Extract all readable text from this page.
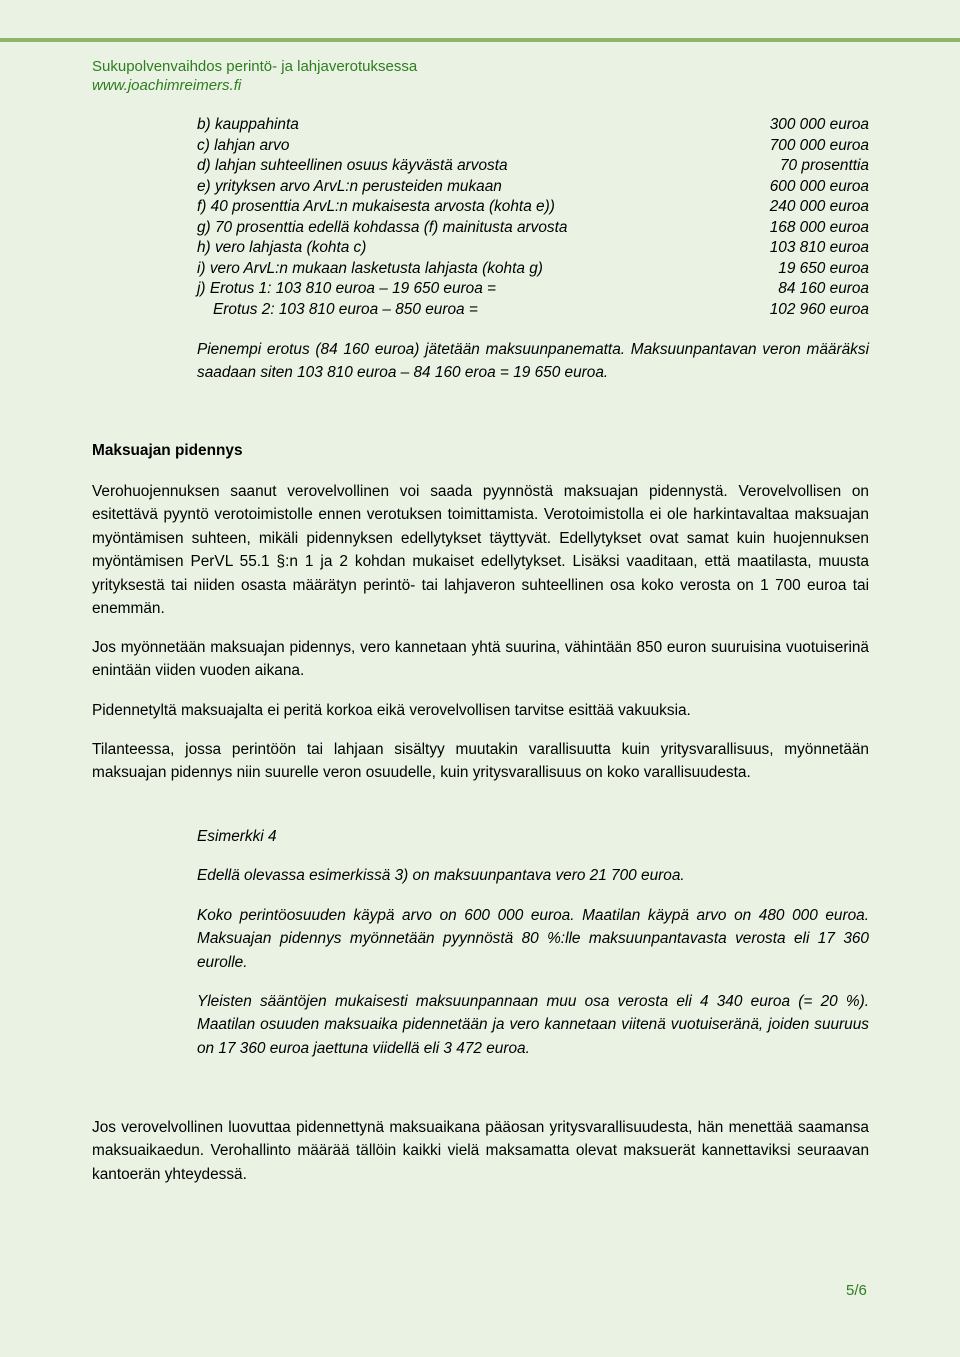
Sukupolvenvaihdos perintö- ja lahjaverotuksessa
www.joachimreimers.fi
b) kauppahinta	300 000 euroa
c) lahjan arvo	700 000 euroa
d) lahjan suhteellinen osuus käyvästä arvosta	70 prosenttia
e) yrityksen arvo ArvL:n perusteiden mukaan	600 000 euroa
f) 40 prosenttia ArvL:n mukaisesta arvosta (kohta e))	240 000 euroa
g) 70 prosenttia edellä kohdassa (f) mainitusta arvosta	168 000 euroa
h) vero lahjasta (kohta c)	103 810 euroa
i) vero ArvL:n mukaan lasketusta lahjasta (kohta g)	19 650 euroa
j) Erotus 1: 103 810 euroa – 19 650 euroa =	84 160 euroa
Erotus 2: 103 810 euroa – 850 euroa =	102 960 euroa

Pienempi erotus (84 160 euroa) jätetään maksuunpanematta. Maksuunpantavan veron määräksi saadaan siten 103 810 euroa – 84 160 eroa = 19 650 euroa.

Maksuajan pidennys

Verohuojennuksen saanut verovelvollinen voi saada pyynnöstä maksuajan pidennystä. Verovelvollisen on esitettävä pyyntö verotoimistolle ennen verotuksen toimittamista. Verotoimistolla ei ole harkintavaltaa maksuajan myöntämisen suhteen, mikäli pidennyksen edellytykset täyttyvät. Edellytykset ovat samat kuin huojennuksen myöntämisen PerVL 55.1 §:n 1 ja 2 kohdan mukaiset edellytykset. Lisäksi vaaditaan, että maatilasta, muusta yrityksestä tai niiden osasta määrätyn perintö- tai lahjaveron suhteellinen osa koko verosta on 1 700 euroa tai enemmän.

Jos myönnetään maksuajan pidennys, vero kannetaan yhtä suurina, vähintään 850 euron suuruisina vuotuiserinä enintään viiden vuoden aikana.

Pidennetyltä maksuajalta ei peritä korkoa eikä verovelvollisen tarvitse esittää vakuuksia.

Tilanteessa, jossa perintöön tai lahjaan sisältyy muutakin varallisuutta kuin yritysvarallisuus, myönnetään maksuajan pidennys niin suurelle veron osuudelle, kuin yritysvarallisuus on koko varallisuudesta.

Esimerkki 4

Edellä olevassa esimerkissä 3) on maksuunpantava vero 21 700 euroa.

Koko perintöosuuden käypä arvo on 600 000 euroa. Maatilan käypä arvo on 480 000 euroa. Maksuajan pidennys myönnetään pyynnöstä 80 %:lle maksuunpantavasta verosta eli 17 360 eurolle.

Yleisten sääntöjen mukaisesti maksuunpannaan muu osa verosta eli 4 340 euroa (= 20 %). Maatilan osuuden maksuaika pidennetään ja vero kannetaan viitenä vuotuiseränä, joiden suuruus on 17 360 euroa jaettuna viidellä eli 3 472 euroa.

Jos verovelvollinen luovuttaa pidennettynä maksuaikana pääosan yritysvarallisuudesta, hän menettää saamansa maksuaikaedun. Verohallinto määrää tällöin kaikki vielä maksamatta olevat maksuerät kannettaviksi seuraavan kantoerän yhteydessä.

5/6
